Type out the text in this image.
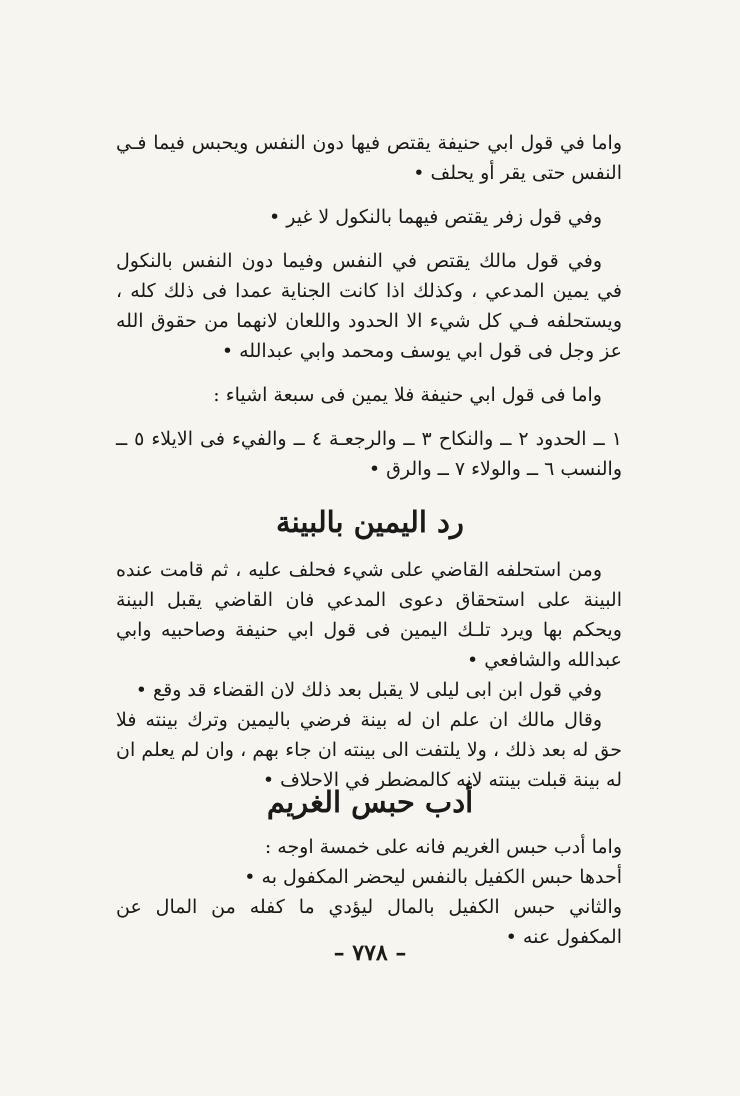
واما في قول ابي حنيفة يقتص فيها دون النفس ويحبس فيما فـي النفس حتى يقر أو يحلف •

وفي قول زفر يقتص فيهما بالنكول لا غير •

وفي قول مالك يقتص في النفس وفيما دون النفس بالنكول في يمين المدعي ، وكذلك اذا كانت الجناية عمدا فى ذلك كله ، ويستحلفه فـي كل شيء الا الحدود واللعان لانهما من حقوق الله عز وجل فى قول ابي يوسف ومحمد وابي عبدالله •

واما فى قول ابي حنيفة فلا يمين فى سبعة اشياء :

١ ــ الحدود ٢ ــ والنكاح ٣ ــ والرجعـة ٤ ــ والفيء فى الايلاء ٥ ــ والنسب ٦ ــ والولاء ٧ ــ والرق •

رد اليمين بالبينة

ومن استحلفه القاضي على شيء فحلف عليه ، ثم قامت عنده البينة على استحقاق دعوى المدعي فان القاضي يقبل البينة ويحكم بها ويرد تلـك اليمين فى قول ابي حنيفة وصاحبيه وابي عبدالله والشافعي •

وفي قول ابن ابى ليلى لا يقبل بعد ذلك لان القضاء قد وقع •

وقال مالك ان علم ان له بينة فرضي باليمين وترك بينته فلا حق له بعد ذلك ، ولا يلتفت الى بينته ان جاء بهم ، وان لم يعلم ان له بينة قبلت بينته لانه كالمضطر في الاحلاف •

أدب حبس الغريم

واما أدب حبس الغريم فانه على خمسة اوجه :

أحدها حبس الكفيل بالنفس ليحضر المكفول به •

والثاني حبس الكفيل بالمال ليؤدي ما كفله من المال عن المكفول عنه •

– ٧٧٨ –
